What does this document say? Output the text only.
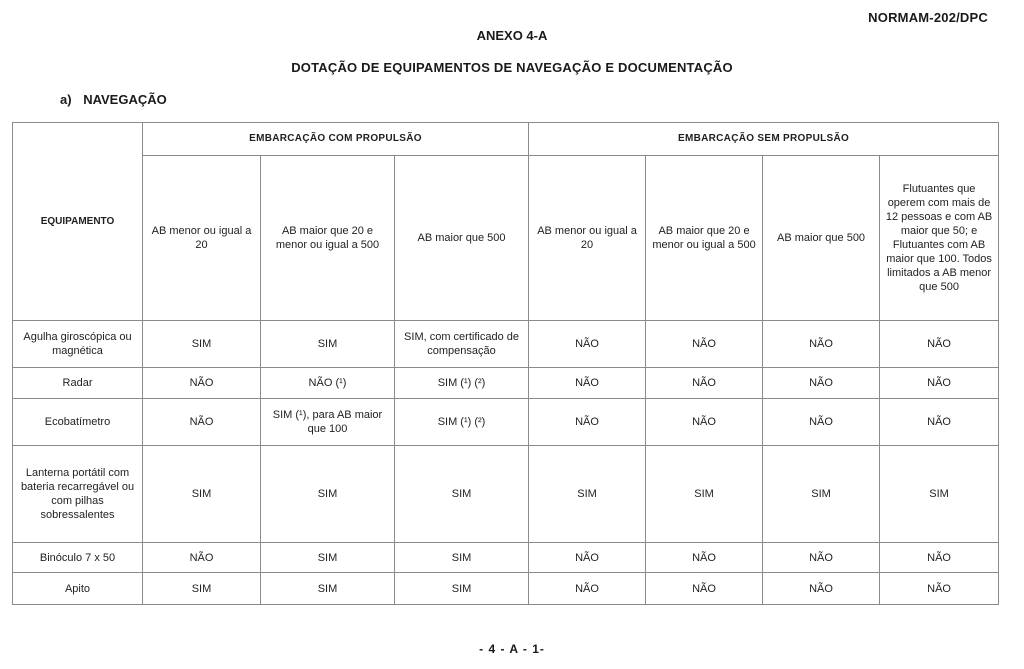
NORMAM-202/DPC
ANEXO 4-A
DOTAÇÃO DE EQUIPAMENTOS DE NAVEGAÇÃO E DOCUMENTAÇÃO
a) NAVEGAÇÃO
EQUIPAMENTO	EMBARCAÇÃO COM PROPULSÃO			EMBARCAÇÃO SEM PROPULSÃO			
	AB menor ou igual a 20	AB maior que 20 e menor ou igual a 500	AB maior que 500	AB menor ou igual a 20	AB maior que 20 e menor ou igual a 500	AB maior que 500	Flutuantes que operem com mais de 12 pessoas e com AB maior que 50; e Flutuantes com AB maior que 100. Todos limitados a AB menor que 500
Agulha giroscópica ou magnética	SIM	SIM	SIM, com certificado de compensação	NÃO	NÃO	NÃO	NÃO
Radar	NÃO	NÃO (¹)	SIM (¹) (²)	NÃO	NÃO	NÃO	NÃO
Ecobatímetro	NÃO	SIM (¹), para AB maior que 100	SIM (¹) (²)	NÃO	NÃO	NÃO	NÃO
Lanterna portátil com bateria recarregável ou com pilhas sobressalentes	SIM	SIM	SIM	SIM	SIM	SIM	SIM
Binóculo 7 x 50	NÃO	SIM	SIM	NÃO	NÃO	NÃO	NÃO
Apito	SIM	SIM	SIM	NÃO	NÃO	NÃO	NÃO
- 4 - A - 1-
